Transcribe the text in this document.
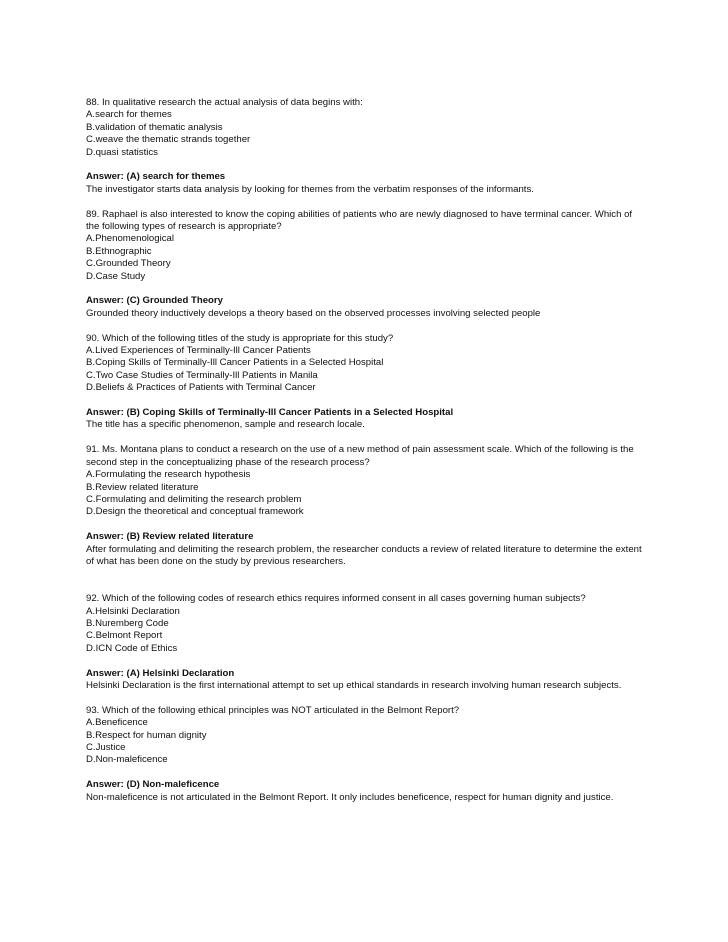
88. In qualitative research the actual analysis of data begins with:
A.search for themes
B.validation of thematic analysis
C.weave the thematic strands together
D.quasi statistics
Answer: (A) search for themes
The investigator starts data analysis by looking for themes from the verbatim responses of the informants.
89. Raphael is also interested to know the coping abilities of patients who are newly diagnosed to have terminal cancer. Which of the following types of research is appropriate?
A.Phenomenological
B.Ethnographic
C.Grounded Theory
D.Case Study
Answer: (C) Grounded Theory
Grounded theory inductively develops a theory based on the observed processes involving selected people
90. Which of the following titles of the study is appropriate for this study?
A.Lived Experiences of Terminally-Ill Cancer Patients
B.Coping Skills of Terminally-Ill Cancer Patients in a Selected Hospital
C.Two Case Studies of Terminally-Ill Patients in Manila
D.Beliefs & Practices of Patients with Terminal Cancer
Answer: (B) Coping Skills of Terminally-Ill Cancer Patients in a Selected Hospital
The title has a specific phenomenon, sample and research locale.
91. Ms. Montana plans to conduct a research on the use of a new method of pain assessment scale. Which of the following is the second step in the conceptualizing phase of the research process?
A.Formulating the research hypothesis
B.Review related literature
C.Formulating and delimiting the research problem
D.Design the theoretical and conceptual framework
Answer: (B) Review related literature
After formulating and delimiting the research problem, the researcher conducts a review of related literature to determine the extent of what has been done on the study by previous researchers.
92. Which of the following codes of research ethics requires informed consent in all cases governing human subjects?
A.Helsinki Declaration
B.Nuremberg Code
C.Belmont Report
D.ICN Code of Ethics
Answer: (A) Helsinki Declaration
Helsinki Declaration is the first international attempt to set up ethical standards in research involving human research subjects.
93. Which of the following ethical principles was NOT articulated in the Belmont Report?
A.Beneficence
B.Respect for human dignity
C.Justice
D.Non-maleficence
Answer: (D) Non-maleficence
Non-maleficence is not articulated in the Belmont Report. It only includes beneficence, respect for human dignity and justice.
